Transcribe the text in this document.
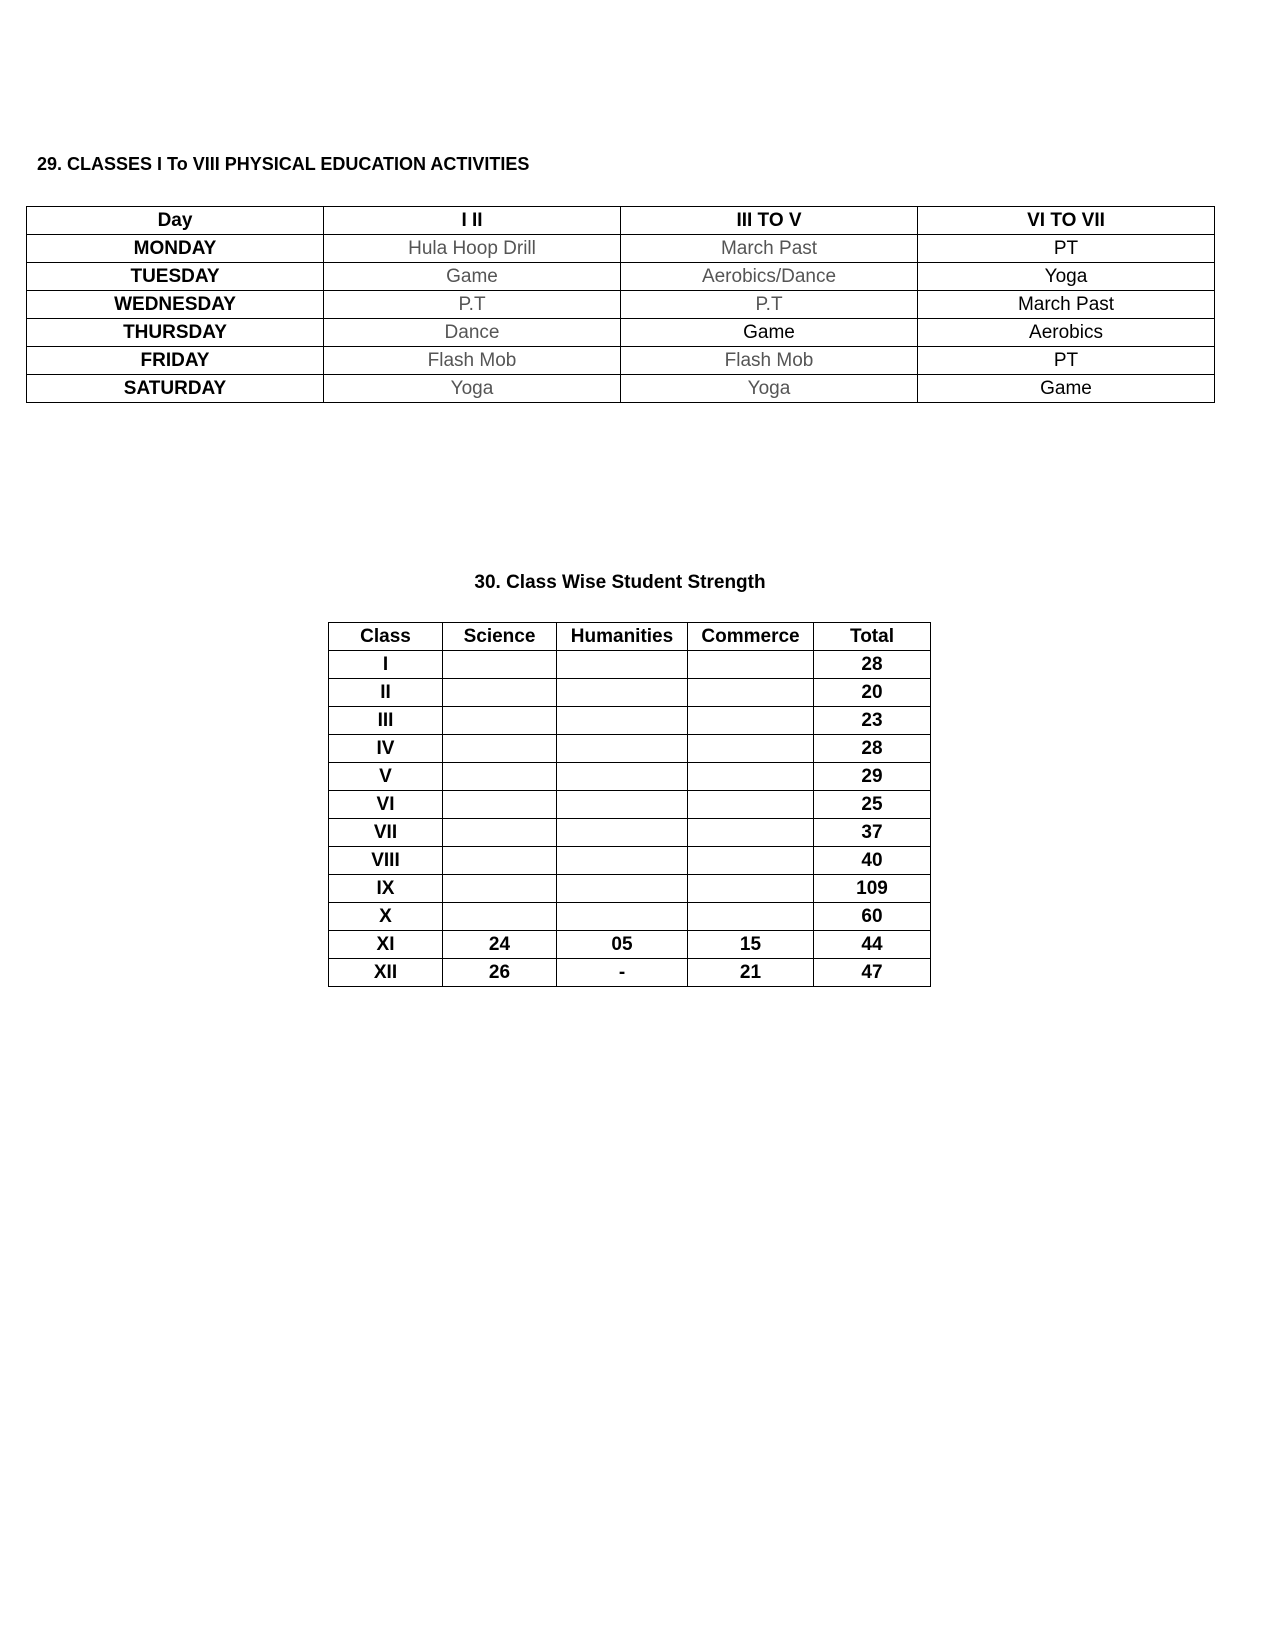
29. CLASSES I To VIII PHYSICAL EDUCATION ACTIVITIES
Day	I II	III TO V	VI TO VII
MONDAY	Hula Hoop Drill	March Past	PT
TUESDAY	Game	Aerobics/Dance	Yoga
WEDNESDAY	P.T	P.T	March Past
THURSDAY	Dance	Game	Aerobics
FRIDAY	Flash Mob	Flash Mob	PT
SATURDAY	Yoga	Yoga	Game
30. Class Wise Student Strength
Class	Science	Humanities	Commerce	Total
I				28
II				20
III				23
IV				28
V				29
VI				25
VII				37
VIII				40
IX				109
X				60
XI	24	05	15	44
XII	26	-	21	47
